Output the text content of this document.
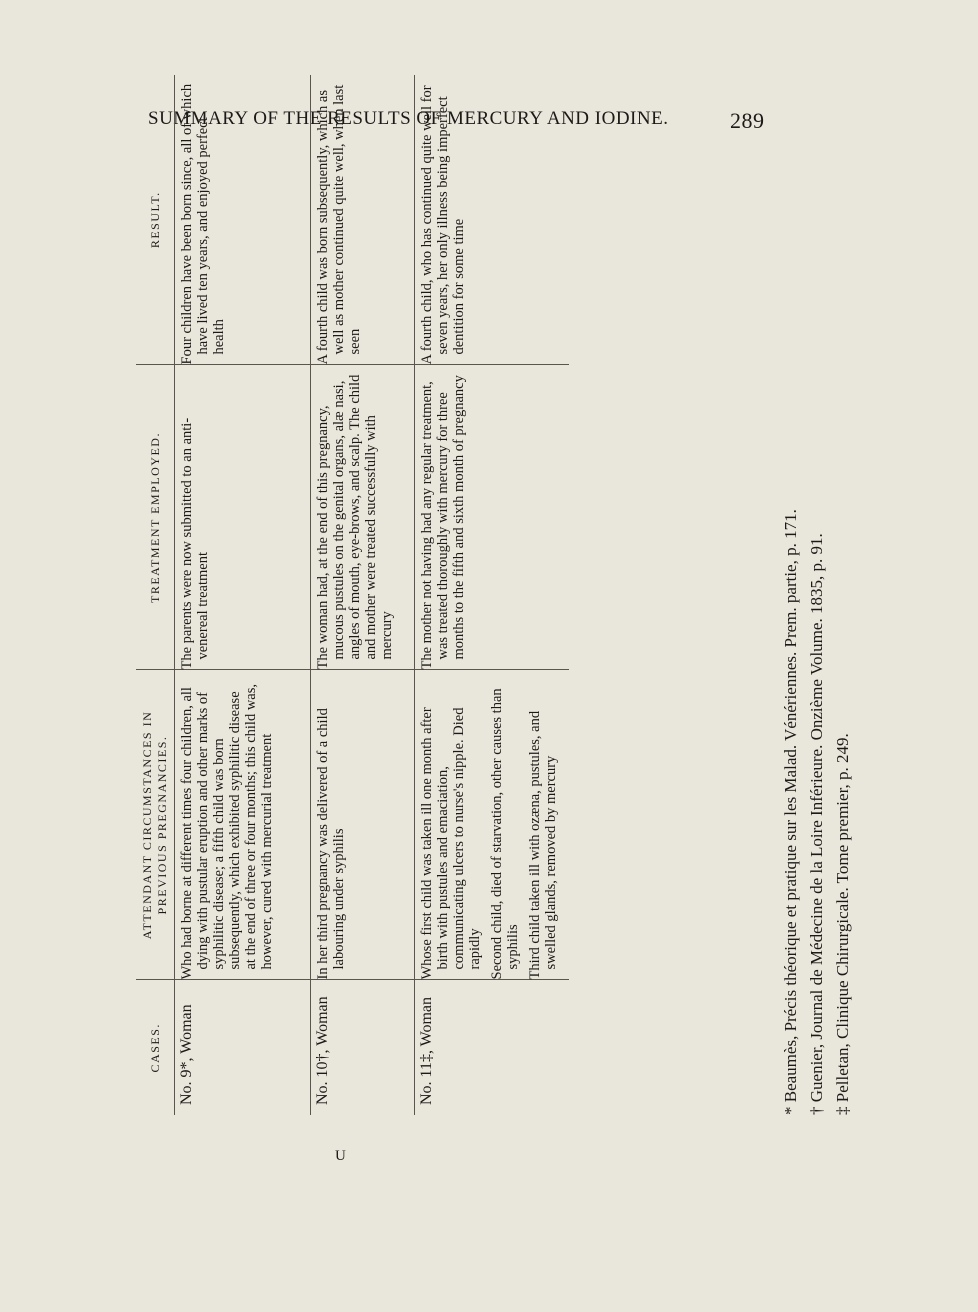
SUMMARY OF THE RESULTS OF MERCURY AND IODINE.	289
CASES.	ATTENDANT CIRCUMSTANCES IN PREVIOUS PREGNANCIES.	TREATMENT EMPLOYED.	RESULT.
No. 9*, Woman	Who had borne at different times four children, all dying with pustular eruption and other marks of syphilitic disease; a fifth child was born subsequently, which exhibited syphilitic disease at the end of three or four months; this child was, however, cured with mercurial treatment	The parents were now submitted to an anti-venereal treatment	Four children have been born since, all of which have lived ten years, and enjoyed perfect health
No. 10†, Woman	In her third pregnancy was delivered of a child labouring under syphilis	The woman had, at the end of this pregnancy, mucous pustules on the genital organs, alæ nasi, angles of mouth, eye-brows, and scalp. The child and mother were treated successfully with mercury	A fourth child was born subsequently, which as well as mother continued quite well, when last seen
No. 11‡, Woman	Whose first child was taken ill one month after birth with pustules and emaciation, communicating ulcers to nurse's nipple. Died rapidly Second child, died of starvation, other causes than syphilis Third child taken ill with ozæna, pustules, and swelled glands, removed by mercury	The mother not having had any regular treatment, was treated thoroughly with mercury for three months to the fifth and sixth month of pregnancy	A fourth child, who has continued quite well for seven years, her only illness being imperfect dentition for some time
* Beaumès, Précis théorique et pratique sur les Malad. Vénériennes. Prem. partie, p. 171. † Guenier, Journal de Médecine de la Loire Inférieure. Onzième Volume. 1835, p. 91. ‡ Pelletan, Clinique Chirurgicale. Tome premier, p. 249.
U
